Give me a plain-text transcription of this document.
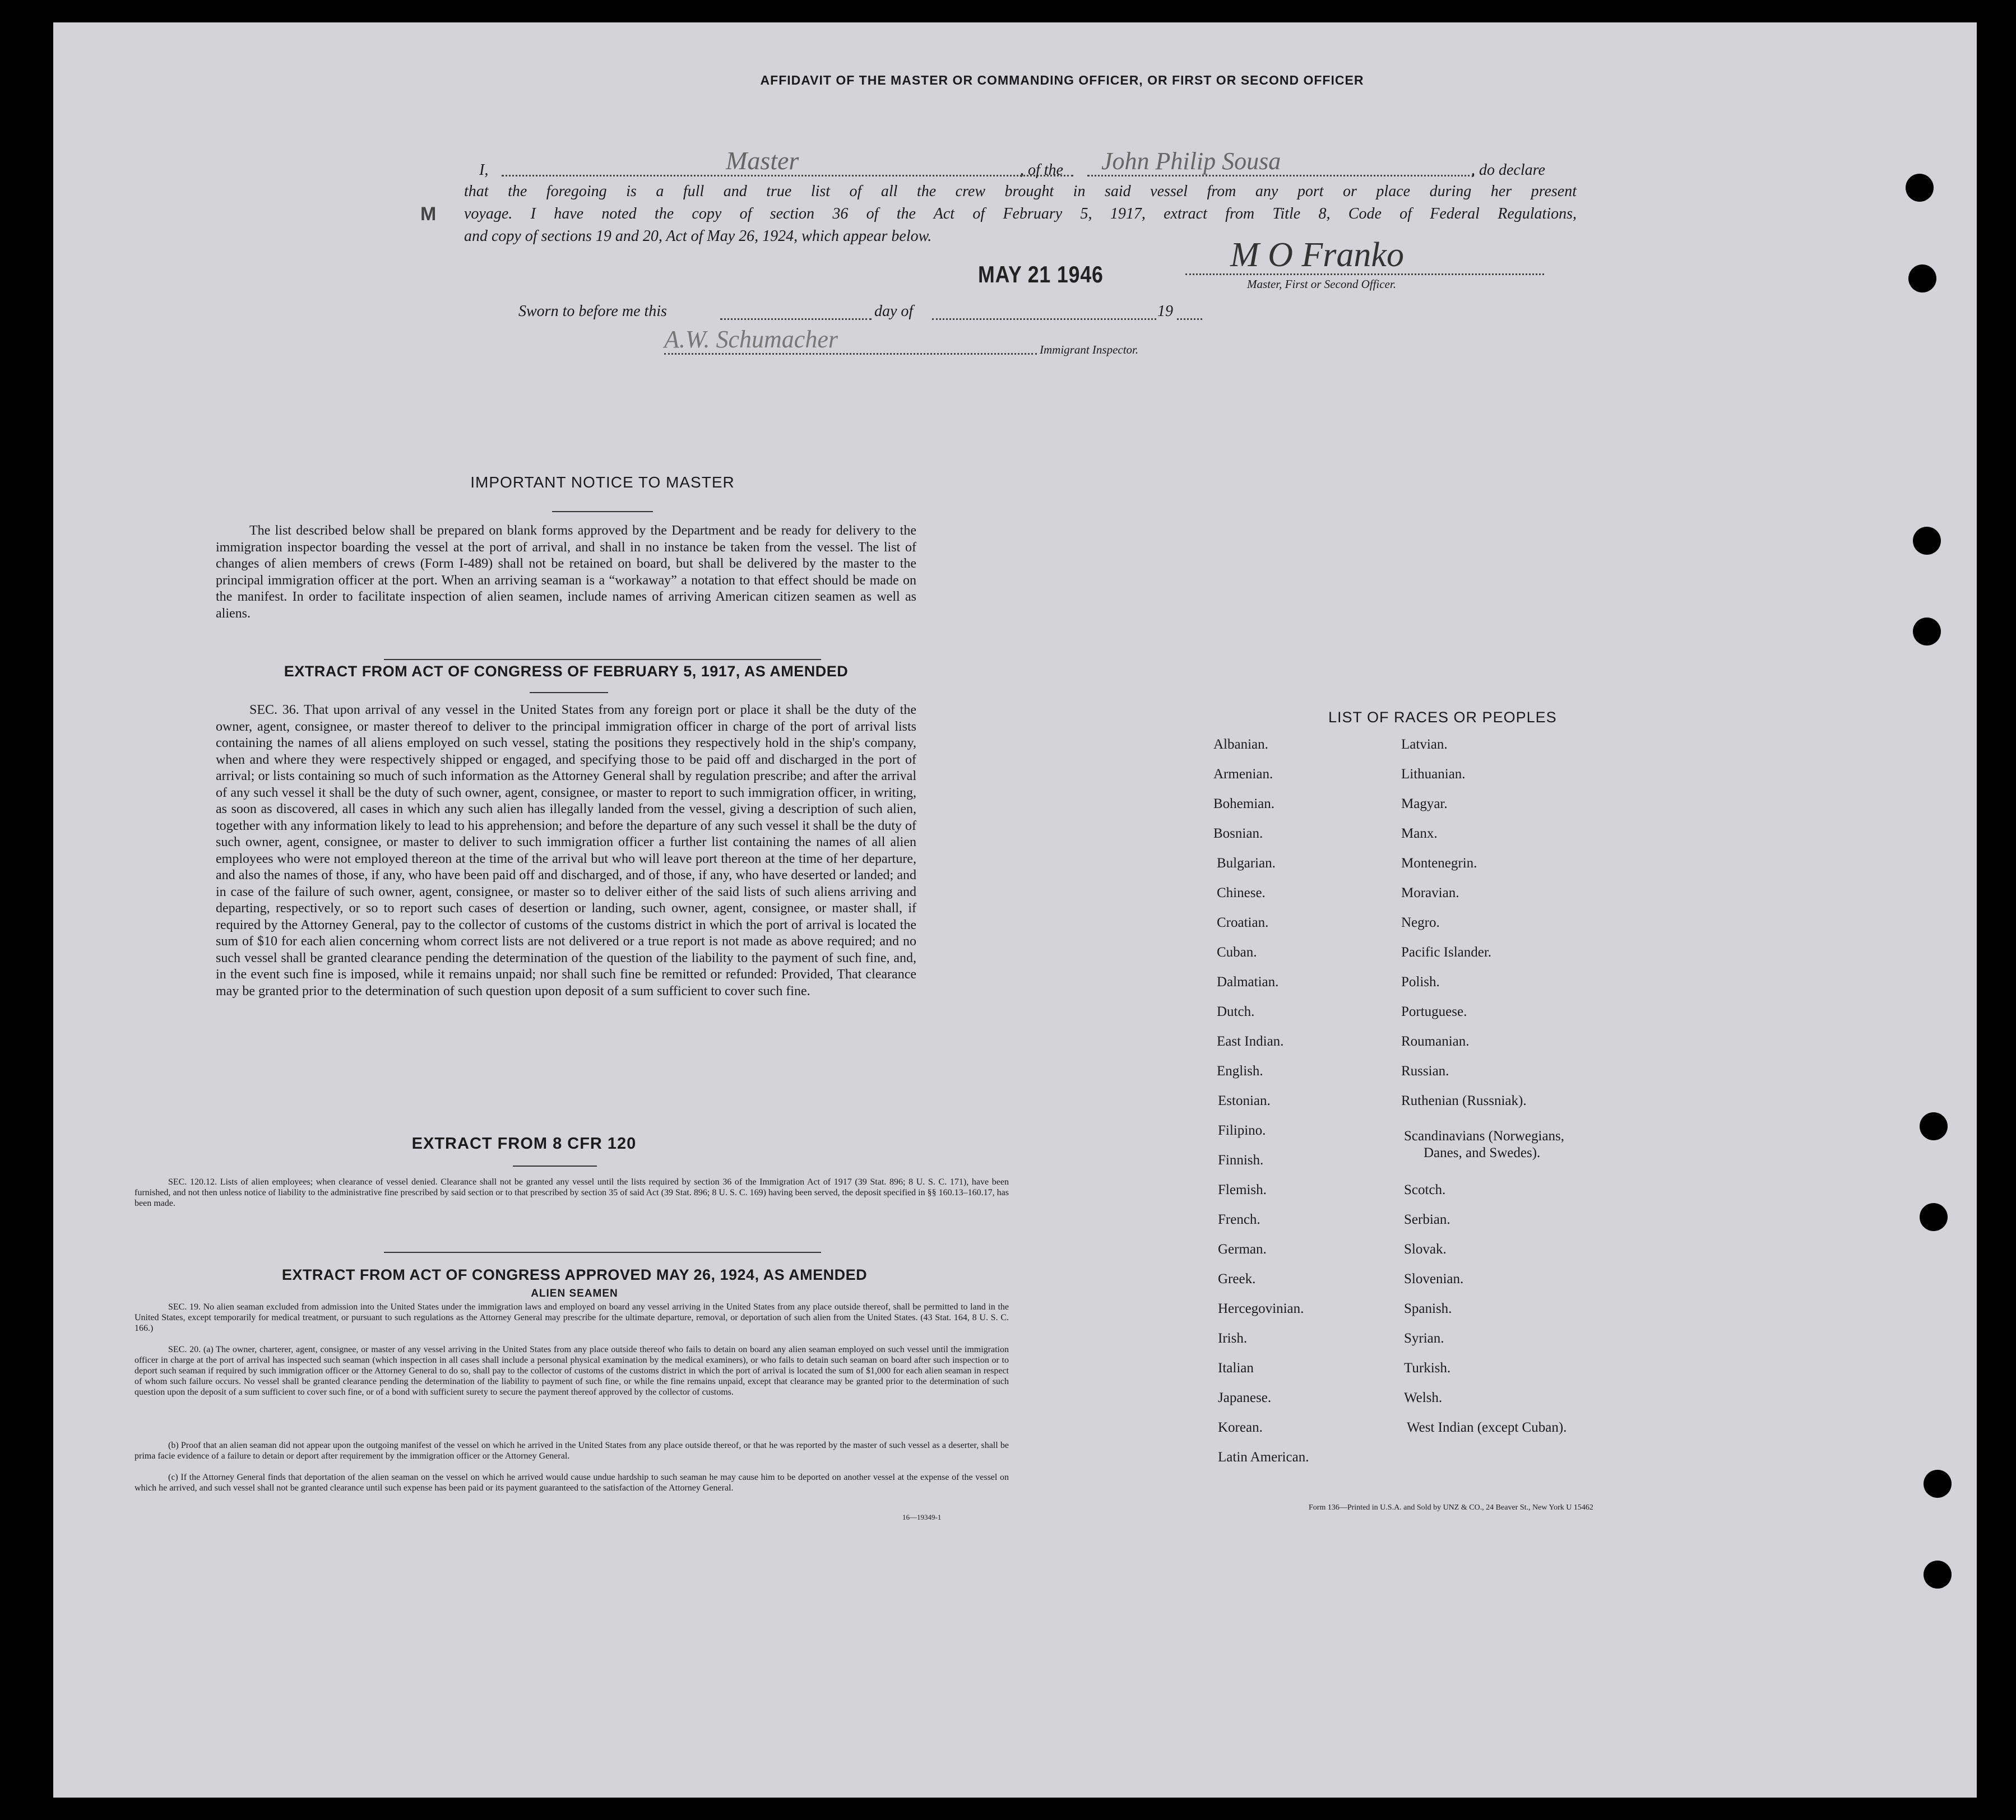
AFFIDAVIT OF THE MASTER OR COMMANDING OFFICER, OR FIRST OR SECOND OFFICER
I,	Master	, of the John Philip Sousa	, do declare
that the foregoing is a full and true list of all the crew brought in said vessel from any port or place during her present
voyage. I have noted the copy of section 36 of the Act of February 5, 1917, extract from Title 8, Code of Federal Regulations,
and copy of sections 19 and 20, Act of May 26, 1924, which appear below.
M
MAY 21 1946
M O Franko
Master, First or Second Officer.
Sworn to before me this	day of	19
A.W. Schumacher	Immigrant Inspector.
IMPORTANT NOTICE TO MASTER
The list described below shall be prepared on blank forms approved by the Department and be ready for delivery to the immigration inspector boarding the vessel at the port of arrival, and shall in no instance be taken from the vessel. The list of changes of alien members of crews (Form I-489) shall not be retained on board, but shall be delivered by the master to the principal immigration officer at the port. When an arriving seaman is a “workaway” a notation to that effect should be made on the manifest. In order to facilitate inspection of alien seamen, include names of arriving American citizen seamen as well as aliens.
EXTRACT FROM ACT OF CONGRESS OF FEBRUARY 5, 1917, AS AMENDED
SEC. 36. That upon arrival of any vessel in the United States from any foreign port or place it shall be the duty of the owner, agent, consignee, or master thereof to deliver to the principal immigration officer in charge of the port of arrival lists containing the names of all aliens employed on such vessel, stating the positions they respectively hold in the ship's company, when and where they were respectively shipped or engaged, and specifying those to be paid off and discharged in the port of arrival; or lists containing so much of such information as the Attorney General shall by regulation prescribe; and after the arrival of any such vessel it shall be the duty of such owner, agent, consignee, or master to report to such immigration officer, in writing, as soon as discovered, all cases in which any such alien has illegally landed from the vessel, giving a description of such alien, together with any information likely to lead to his apprehension; and before the departure of any such vessel it shall be the duty of such owner, agent, consignee, or master to deliver to such immigration officer a further list containing the names of all alien employees who were not employed thereon at the time of the arrival but who will leave port thereon at the time of her departure, and also the names of those, if any, who have been paid off and discharged, and of those, if any, who have deserted or landed; and in case of the failure of such owner, agent, consignee, or master so to deliver either of the said lists of such aliens arriving and departing, respectively, or so to report such cases of desertion or landing, such owner, agent, consignee, or master shall, if required by the Attorney General, pay to the collector of customs of the customs district in which the port of arrival is located the sum of $10 for each alien concerning whom correct lists are not delivered or a true report is not made as above required; and no such vessel shall be granted clearance pending the determination of the question of the liability to the payment of such fine, and, in the event such fine is imposed, while it remains unpaid; nor shall such fine be remitted or refunded: Provided, That clearance may be granted prior to the determination of such question upon deposit of a sum sufficient to cover such fine.
EXTRACT FROM 8 CFR 120
SEC. 120.12. Lists of alien employees; when clearance of vessel denied. Clearance shall not be granted any vessel until the lists required by section 36 of the Immigration Act of 1917 (39 Stat. 896; 8 U. S. C. 171), have been furnished, and not then unless notice of liability to the administrative fine prescribed by said section or to that prescribed by section 35 of said Act (39 Stat. 896; 8 U. S. C. 169) having been served, the deposit specified in §§ 160.13–160.17, has been made.
EXTRACT FROM ACT OF CONGRESS APPROVED MAY 26, 1924, AS AMENDED
ALIEN SEAMEN
SEC. 19. No alien seaman excluded from admission into the United States under the immigration laws and employed on board any vessel arriving in the United States from any place outside thereof, shall be permitted to land in the United States, except temporarily for medical treatment, or pursuant to such regulations as the Attorney General may prescribe for the ultimate departure, removal, or deportation of such alien from the United States. (43 Stat. 164, 8 U. S. C. 166.)
SEC. 20. (a) The owner, charterer, agent, consignee, or master of any vessel arriving in the United States from any place outside thereof who fails to detain on board any alien seaman employed on such vessel until the immigration officer in charge at the port of arrival has inspected such seaman (which inspection in all cases shall include a personal physical examination by the medical examiners), or who fails to detain such seaman on board after such inspection or to deport such seaman if required by such immigration officer or the Attorney General to do so, shall pay to the collector of customs of the customs district in which the port of arrival is located the sum of $1,000 for each alien seaman in respect of whom such failure occurs. No vessel shall be granted clearance pending the determination of the liability to payment of such fine, or while the fine remains unpaid, except that clearance may be granted prior to the determination of such question upon the deposit of a sum sufficient to cover such fine, or of a bond with sufficient surety to secure the payment thereof approved by the collector of customs.
(b) Proof that an alien seaman did not appear upon the outgoing manifest of the vessel on which he arrived in the United States from any place outside thereof, or that he was reported by the master of such vessel as a deserter, shall be prima facie evidence of a failure to detain or deport after requirement by the immigration officer or the Attorney General.
(c) If the Attorney General finds that deportation of the alien seaman on the vessel on which he arrived would cause undue hardship to such seaman he may cause him to be deported on another vessel at the expense of the vessel on which he arrived, and such vessel shall not be granted clearance until such expense has been paid or its payment guaranteed to the satisfaction of the Attorney General.
16—19349-1
LIST OF RACES OR PEOPLES
Albanian.
Armenian.
Bohemian.
Bosnian.
Bulgarian.
Chinese.
Croatian.
Cuban.
Dalmatian.
Dutch.
East Indian.
English.
Estonian.
Filipino.
Finnish.
Flemish.
French.
German.
Greek.
Hercegovinian.
Irish.
Italian
Japanese.
Korean.
Latin American.
Latvian.
Lithuanian.
Magyar.
Manx.
Montenegrin.
Moravian.
Negro.
Pacific Islander.
Polish.
Portuguese.
Roumanian.
Russian.
Ruthenian (Russniak).
Scandinavians (Norwegians,
Danes, and Swedes).
Scotch.
Serbian.
Slovak.
Slovenian.
Spanish.
Syrian.
Turkish.
Welsh.
West Indian (except Cuban).
Form 136—Printed in U.S.A. and Sold by UNZ & CO., 24 Beaver St., New York U 15462
